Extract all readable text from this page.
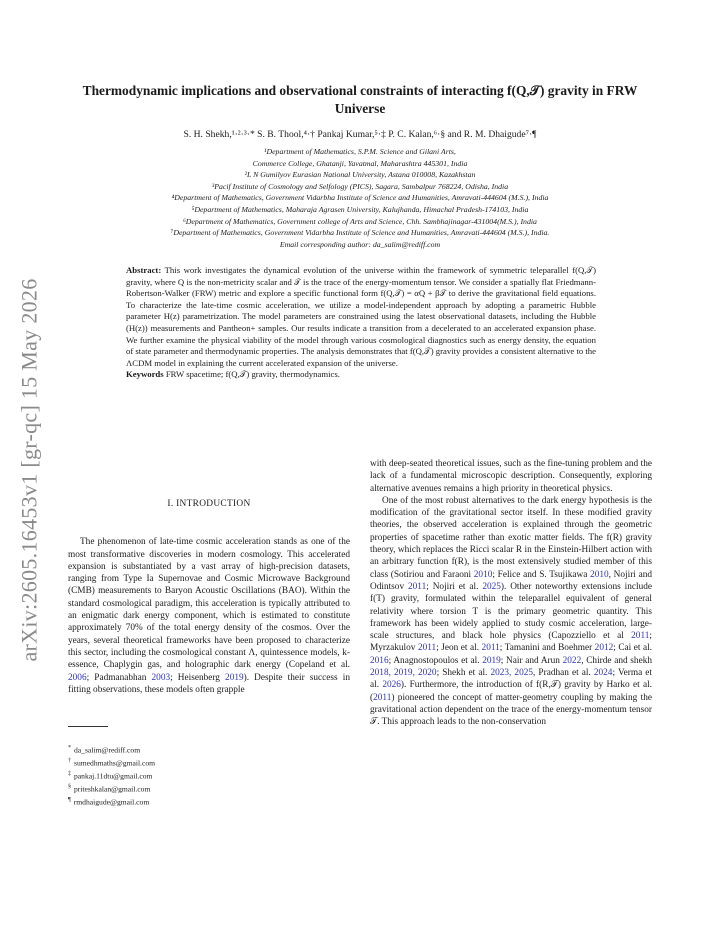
arXiv:2605.16453v1 [gr-qc] 15 May 2026
Thermodynamic implications and observational constraints of interacting f(Q,𝒯) gravity in FRW Universe
S. H. Shekh,¹·²·³·* S. B. Thool,⁴·† Pankaj Kumar,⁵·‡ P. C. Kalan,⁶·§ and R. M. Dhaigude⁷·¶
¹Department of Mathematics, S.P.M. Science and Gilani Arts,
Commerce College, Ghatanji, Yavatmal, Maharashtra 445301, India
²L N Gumilyov Eurasian National University, Astana 010008, Kazakhstan
³Pacif Institute of Cosmology and Selfology (PICS), Sagara, Sambalpur 768224, Odisha, India
⁴Department of Mathematics, Government Vidarbha Institute of Science and Humanities, Amravati-444604 (M.S.), India
⁵Department of Mathematics, Maharaja Agrasen University, Kalujhanda, Himachal Pradesh-174103, India
⁶Department of Mathematics, Government college of Arts and Science, Chh. Sambhajinagar-431004(M.S.), India
⁷Department of Mathematics, Government Vidarbha Institute of Science and Humanities, Amravati-444604 (M.S.), India.
Email corresponding author: da_salim@rediff.com
Abstract: This work investigates the dynamical evolution of the universe within the framework of symmetric teleparallel f(Q,𝒯) gravity, where Q is the non-metricity scalar and 𝒯 is the trace of the energy-momentum tensor. We consider a spatially flat Friedmann-Robertson-Walker (FRW) metric and explore a specific functional form f(Q,𝒯) = αQ + β𝒯 to derive the gravitational field equations. To characterize the late-time cosmic acceleration, we utilize a model-independent approach by adopting a parametric Hubble parameter H(z) parametrization. The model parameters are constrained using the latest observational datasets, including the Hubble (H(z)) measurements and Pantheon+ samples. Our results indicate a transition from a decelerated to an accelerated expansion phase. We further examine the physical viability of the model through various cosmological diagnostics such as energy density, the equation of state parameter and thermodynamic properties. The analysis demonstrates that f(Q,𝒯) gravity provides a consistent alternative to the ΛCDM model in explaining the current accelerated expansion of the universe.
Keywords FRW spacetime; f(Q,𝒯) gravity, thermodynamics.
I. INTRODUCTION

The phenomenon of late-time cosmic acceleration stands as one of the most transformative discoveries in modern cosmology. This accelerated expansion is substantiated by a vast array of high-precision datasets, ranging from Type Ia Supernovae and Cosmic Microwave Background (CMB) measurements to Baryon Acoustic Oscillations (BAO). Within the standard cosmological paradigm, this acceleration is typically attributed to an enigmatic dark energy component, which is estimated to constitute approximately 70% of the total energy density of the cosmos. Over the years, several theoretical frameworks have been proposed to characterize this sector, including the cosmological constant Λ, quintessence models, k-essence, Chaplygin gas, and holographic dark energy (Copeland et al. 2006; Padmanabhan 2003; Heisenberg 2019). Despite their success in fitting observations, these models often grapple

* da_salim@rediff.com
† sumedhmaths@gmail.com
‡ pankaj.11dtu@gmail.com
§ priteshkalan@gmail.com
¶ rmdhaigude@gmail.com

with deep-seated theoretical issues, such as the fine-tuning problem and the lack of a fundamental microscopic description. Consequently, exploring alternative avenues remains a high priority in theoretical physics.

One of the most robust alternatives to the dark energy hypothesis is the modification of the gravitational sector itself. In these modified gravity theories, the observed acceleration is explained through the geometric properties of spacetime rather than exotic matter fields. The f(R) gravity theory, which replaces the Ricci scalar R in the Einstein-Hilbert action with an arbitrary function f(R), is the most extensively studied member of this class (Sotiriou and Faraoni 2010; Felice and S. Tsujikawa 2010, Nojiri and Odintsov 2011; Nojiri et al. 2025). Other noteworthy extensions include f(T) gravity, formulated within the teleparallel equivalent of general relativity where torsion T is the primary geometric quantity. This framework has been widely applied to study cosmic acceleration, large-scale structures, and black hole physics (Capozziello et al 2011; Myrzakulov 2011; Jeon et al. 2011; Tamanini and Boehmer 2012; Cai et al. 2016; Anagnostopoulos et al. 2019; Nair and Arun 2022, Chirde and shekh 2018, 2019, 2020; Shekh et al. 2023, 2025, Pradhan et al. 2024; Verma et al. 2026). Furthermore, the introduction of f(R,𝒯) gravity by Harko et al. (2011) pioneered the concept of matter-geometry coupling by making the gravitational action dependent on the trace of the energy-momentum tensor 𝒯. This approach leads to the non-conservation
